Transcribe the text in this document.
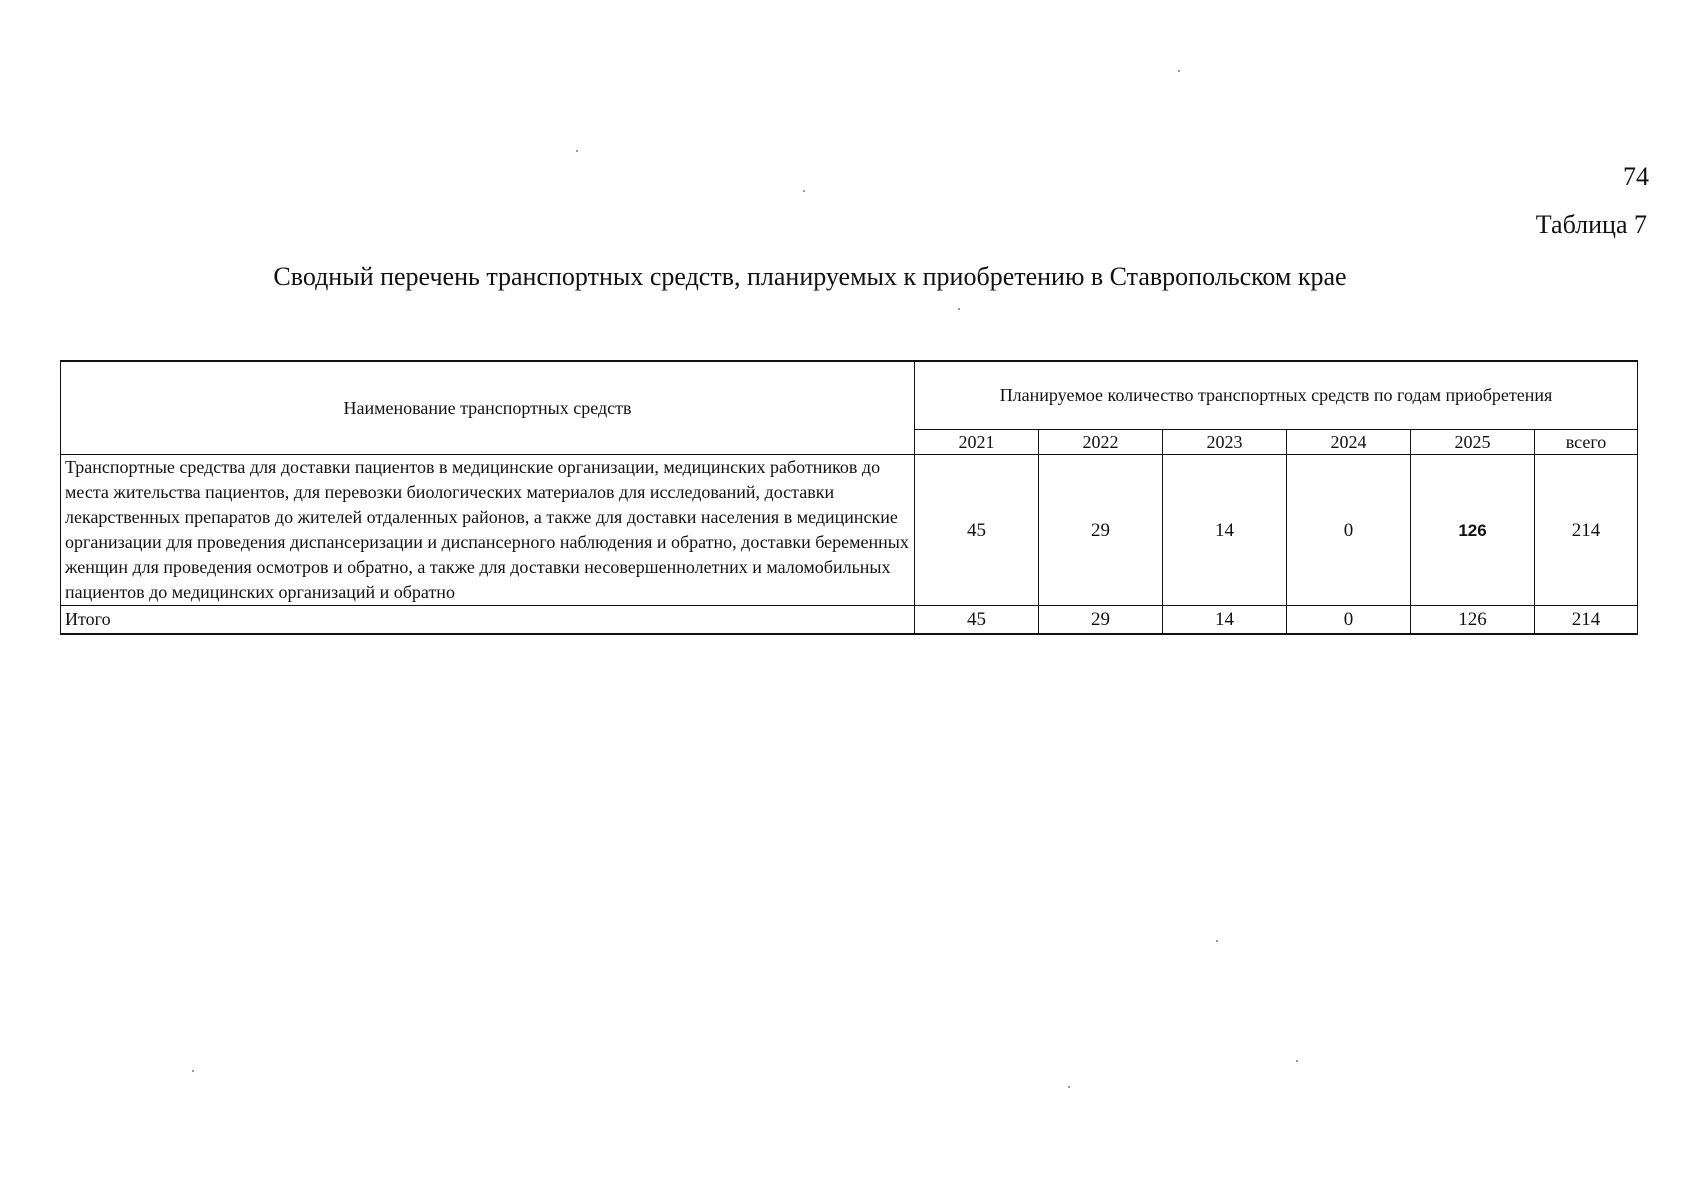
74
Таблица 7
Сводный перечень транспортных средств, планируемых к приобретению в Ставропольском крае
Наименование транспортных средств	Планируемое количество транспортных средств по годам приобретения					
	2021	2022	2023	2024	2025	всего
Транспортные средства для доставки пациентов в медицинские организации, медицинских работников до места жительства пациентов, для перевозки биологических материалов для исследований, доставки лекарственных препаратов до жителей отдаленных районов, а также для доставки населения в медицинские организации для проведения диспансеризации и диспансерного наблюдения и обратно, доставки беременных женщин для проведения осмотров и обратно, а также для доставки несовершеннолетних и маломобильных пациентов до медицинских организаций и обратно	45	29	14	0	126	214
Итого	45	29	14	0	126	214
